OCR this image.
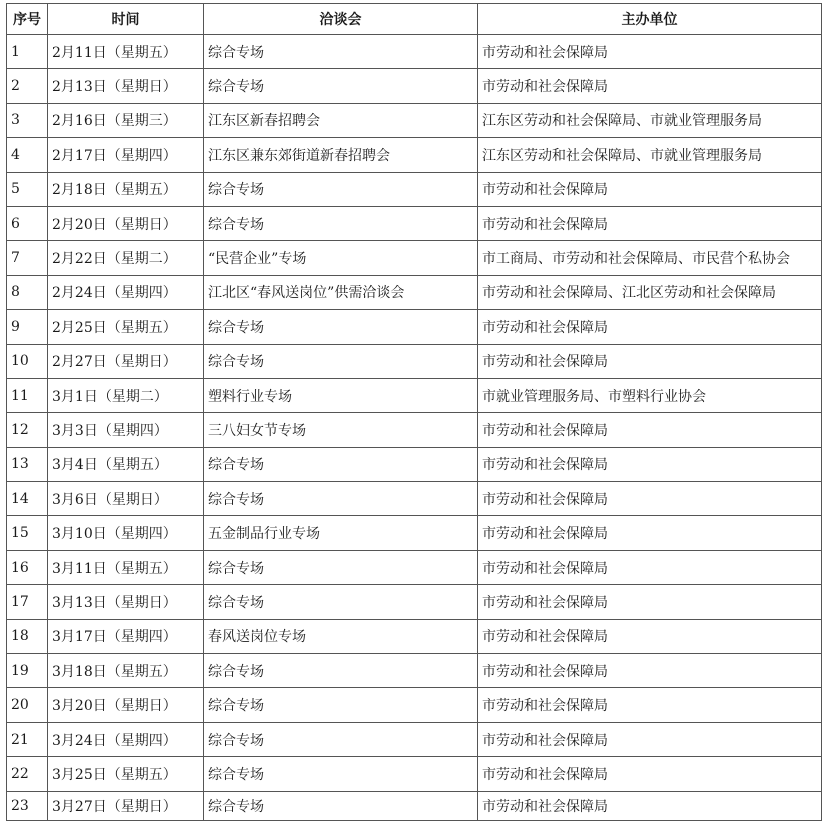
序号	时间	洽谈会	主办单位
1	2月11日（星期五）	综合专场	市劳动和社会保障局
2	2月13日（星期日）	综合专场	市劳动和社会保障局
3	2月16日（星期三）	江东区新春招聘会	江东区劳动和社会保障局、市就业管理服务局
4	2月17日（星期四）	江东区兼东郊街道新春招聘会	江东区劳动和社会保障局、市就业管理服务局
5	2月18日（星期五）	综合专场	市劳动和社会保障局
6	2月20日（星期日）	综合专场	市劳动和社会保障局
7	2月22日（星期二）	“民营企业”专场	市工商局、市劳动和社会保障局、市民营个私协会
8	2月24日（星期四）	江北区“春风送岗位”供需洽谈会	市劳动和社会保障局、江北区劳动和社会保障局
9	2月25日（星期五）	综合专场	市劳动和社会保障局
10	2月27日（星期日）	综合专场	市劳动和社会保障局
11	3月1日（星期二）	塑料行业专场	市就业管理服务局、市塑料行业协会
12	3月3日（星期四）	三八妇女节专场	市劳动和社会保障局
13	3月4日（星期五）	综合专场	市劳动和社会保障局
14	3月6日（星期日）	综合专场	市劳动和社会保障局
15	3月10日（星期四）	五金制品行业专场	市劳动和社会保障局
16	3月11日（星期五）	综合专场	市劳动和社会保障局
17	3月13日（星期日）	综合专场	市劳动和社会保障局
18	3月17日（星期四）	春风送岗位专场	市劳动和社会保障局
19	3月18日（星期五）	综合专场	市劳动和社会保障局
20	3月20日（星期日）	综合专场	市劳动和社会保障局
21	3月24日（星期四）	综合专场	市劳动和社会保障局
22	3月25日（星期五）	综合专场	市劳动和社会保障局
23	3月27日（星期日）	综合专场	市劳动和社会保障局
